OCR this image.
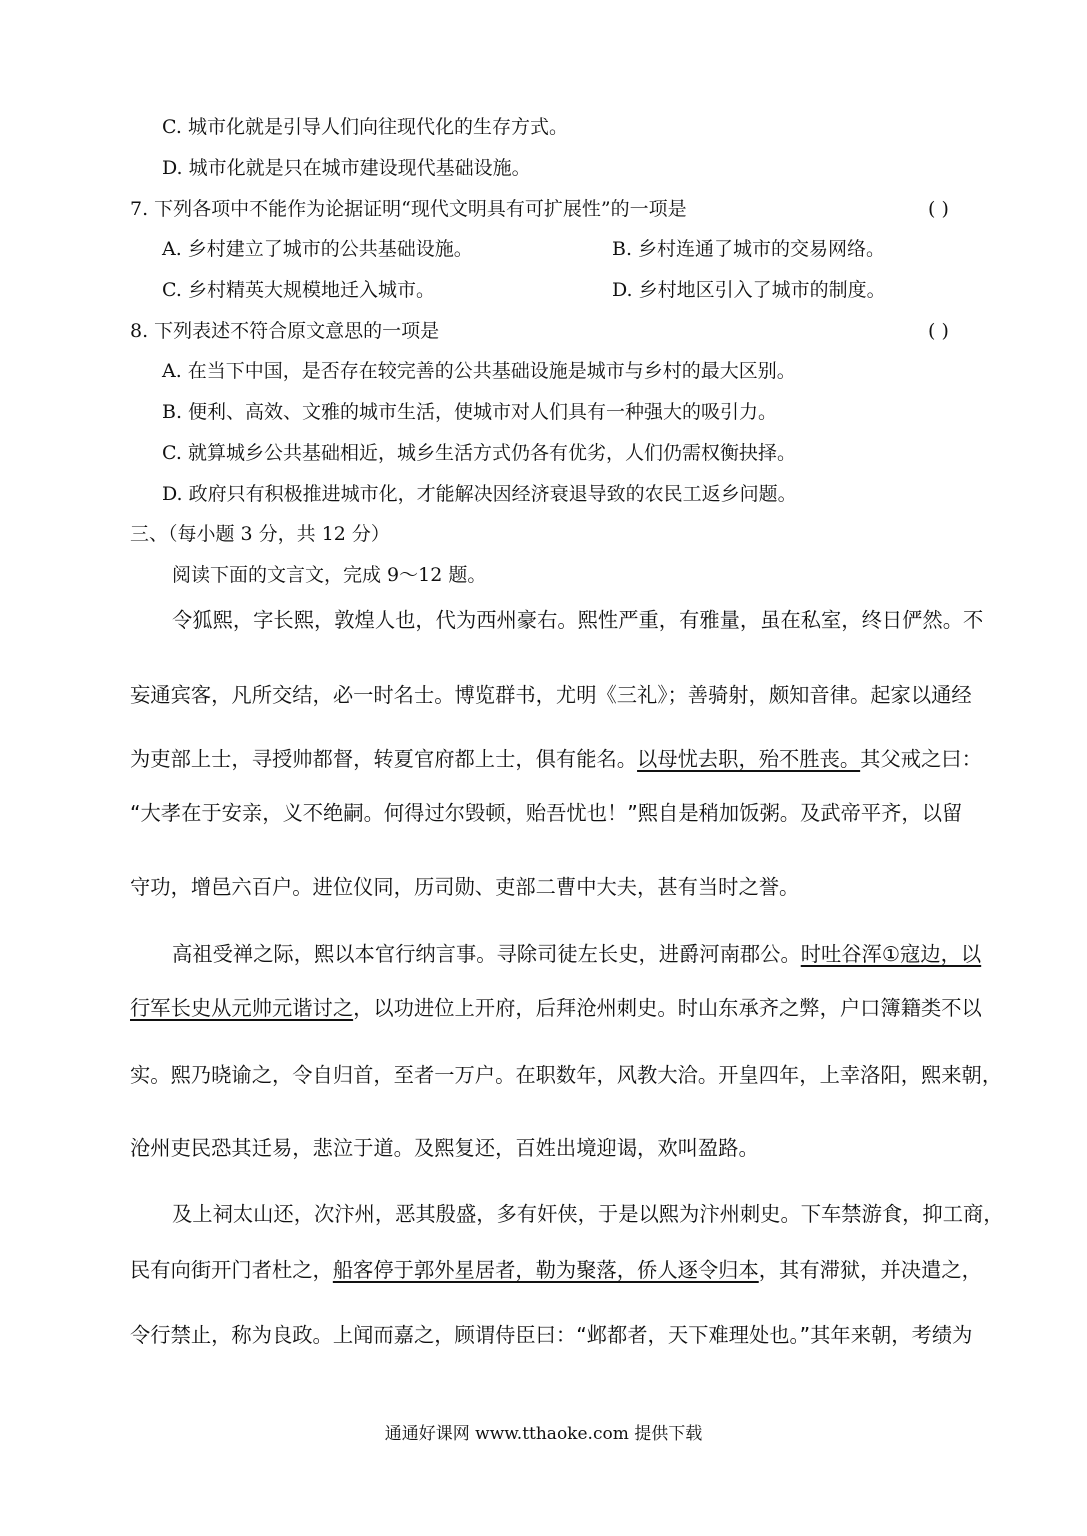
C. 城市化就是引导人们向往现代化的生存方式。
D. 城市化就是只在城市建设现代基础设施。
7. 下列各项中不能作为论据证明“现代文明具有可扩展性”的一项是	( )
A. 乡村建立了城市的公共基础设施。	B. 乡村连通了城市的交易网络。
C. 乡村精英大规模地迁入城市。	D. 乡村地区引入了城市的制度。
8. 下列表述不符合原文意思的一项是	( )
A. 在当下中国，是否存在较完善的公共基础设施是城市与乡村的最大区别。
B. 便利、高效、文雅的城市生活，使城市对人们具有一种强大的吸引力。
C. 就算城乡公共基础相近，城乡生活方式仍各有优劣，人们仍需权衡抉择。
D. 政府只有积极推进城市化，才能解决因经济衰退导致的农民工返乡问题。
三、（每小题 3 分，共 12 分）
阅读下面的文言文，完成 9～12 题。
令狐熙，字长熙，敦煌人也，代为西州豪右。熙性严重，有雅量，虽在私室，终日俨然。不
妄通宾客，凡所交结，必一时名士。博览群书，尤明《三礼》；善骑射，颇知音律。起家以通经
为吏部上士，寻授帅都督，转夏官府都上士，俱有能名。以母忧去职，殆不胜丧。其父戒之曰：
“大孝在于安亲，义不绝嗣。何得过尔毁顿，贻吾忧也！”熙自是稍加饭粥。及武帝平齐，以留
守功，增邑六百户。进位仪同，历司勋、吏部二曹中大夫，甚有当时之誉。
高祖受禅之际，熙以本官行纳言事。寻除司徒左长史，进爵河南郡公。时吐谷浑①寇边，以
行军长史从元帅元谐讨之，以功进位上开府，后拜沧州刺史。时山东承齐之弊，户口簿籍类不以
实。熙乃晓谕之，令自归首，至者一万户。在职数年，风教大洽。开皇四年，上幸洛阳，熙来朝，
沧州吏民恐其迁易，悲泣于道。及熙复还，百姓出境迎谒，欢叫盈路。
及上祠太山还，次汴州，恶其殷盛，多有奸侠，于是以熙为汴州刺史。下车禁游食，抑工商，
民有向街开门者杜之，船客停于郭外星居者，勒为聚落，侨人逐令归本，其有滞狱，并决遣之，
令行禁止，称为良政。上闻而嘉之，顾谓侍臣曰：“邺都者，天下难理处也。”其年来朝，考绩为
通通好课网 www.tthaoke.com 提供下载
